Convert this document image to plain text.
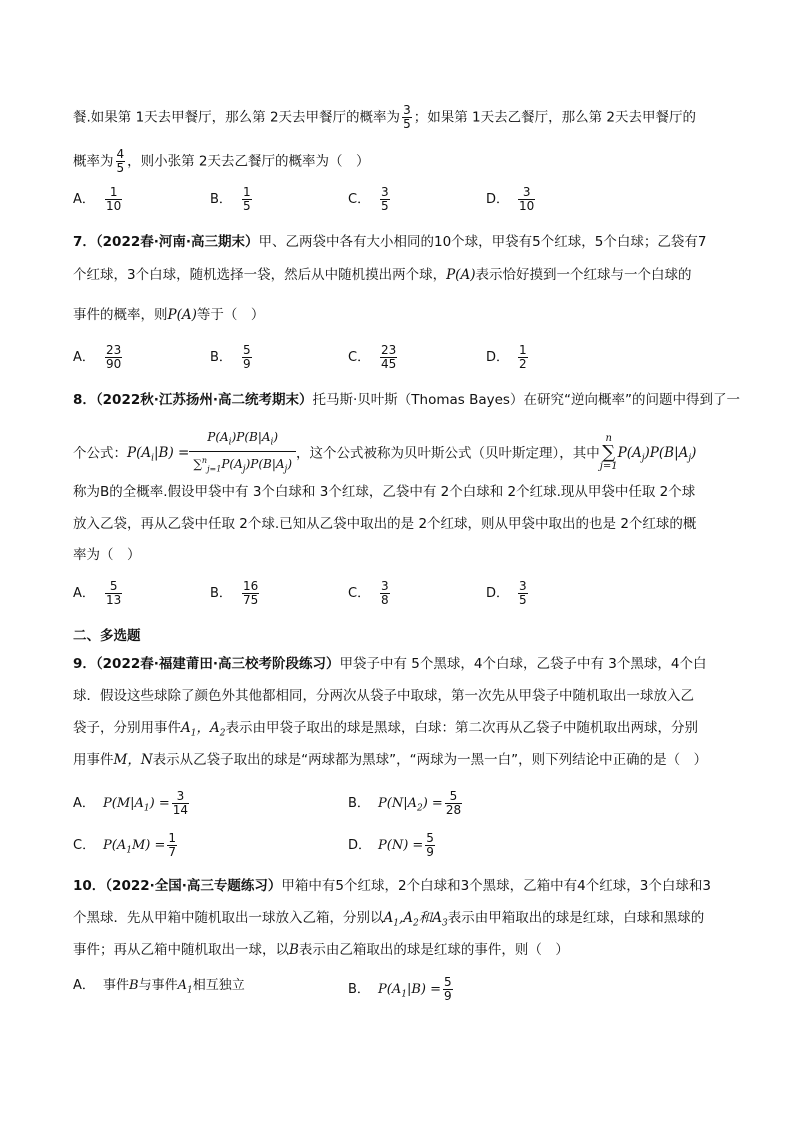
餐.如果第 1天去甲餐厅，那么第 2天去甲餐厅的概率为 $\frac{3}{5}$ ；如果第 1天去乙餐厅，那么第 2天去甲餐厅的
概率为 $\frac{4}{5}$ ，则小张第 2天去乙餐厅的概率为（　）
A． $\frac{1}{10}$	B． $\frac{1}{5}$	C． $\frac{3}{5}$	D． $\frac{3}{10}$
7．（2022春·河南·高三期末）甲、乙两袋中各有大小相同的10个球，甲袋有5个红球，5个白球；乙袋有7
个红球，3个白球，随机选择一袋，然后从中随机摸出两个球，P(A)表示恰好摸到一个红球与一个白球的
事件的概率，则P(A)等于（　）
A． $\frac{23}{90}$	B． $\frac{5}{9}$	C． $\frac{23}{45}$	D． $\frac{1}{2}$
8．（2022秋·江苏扬州·高二统考期末）托马斯·贝叶斯（Thomas Bayes）在研究“逆向概率”的问题中得到了一
个公式：$P(A_i|B) = \frac{P(A_i)P(B|A_i)}{\sum^n_{j=1}P(A_j)P(B|A_j)}$ ，这个公式被称为贝叶斯公式（贝叶斯定理），其中n
∑
$j=1P(A_j)P(B|A_j)$
称为B的全概率.假设甲袋中有 3个白球和 3个红球，乙袋中有 2个白球和 2个红球.现从甲袋中任取 2个球
放入乙袋，再从乙袋中任取 2个球.已知从乙袋中取出的是 2个红球，则从甲袋中取出的也是 2个红球的概
率为（　）
A． $\frac{5}{13}$	B． $\frac{16}{75}$	C． $\frac{3}{8}$	D． $\frac{3}{5}$
二、多选题
9．（2022春·福建莆田·高三校考阶段练习）甲袋子中有 5个黑球，4个白球，乙袋子中有 3个黑球，4个白
球．假设这些球除了颜色外其他都相同，分两次从袋子中取球，第一次先从甲袋子中随机取出一球放入乙
袋子，分别用事件$A_1$，$A_2$表示由甲袋子取出的球是黑球，白球：第二次再从乙袋子中随机取出两球，分别
用事件M，N表示从乙袋子取出的球是“两球都为黑球”，“两球为一黑一白”，则下列结论中正确的是（　）
A． $P(M|A_1) = \frac{3}{14}$	B． $P(N|A_2) = \frac{5}{28}$
C． $P(A_1M) = \frac{1}{7}$	D． $P(N) = \frac{5}{9}$
10．（2022·全国·高三专题练习）甲箱中有5个红球，2个白球和3个黑球，乙箱中有4个红球，3个白球和3
个黑球．先从甲箱中随机取出一球放入乙箱，分别以$A_1,A_2$和$A_3$表示由甲箱取出的球是红球，白球和黑球的
事件；再从乙箱中随机取出一球，以B表示由乙箱取出的球是红球的事件，则（　）
A． 事件B与事件$A_1$相互独立	B． $P(A_1|B) = \frac{5}{9}$
